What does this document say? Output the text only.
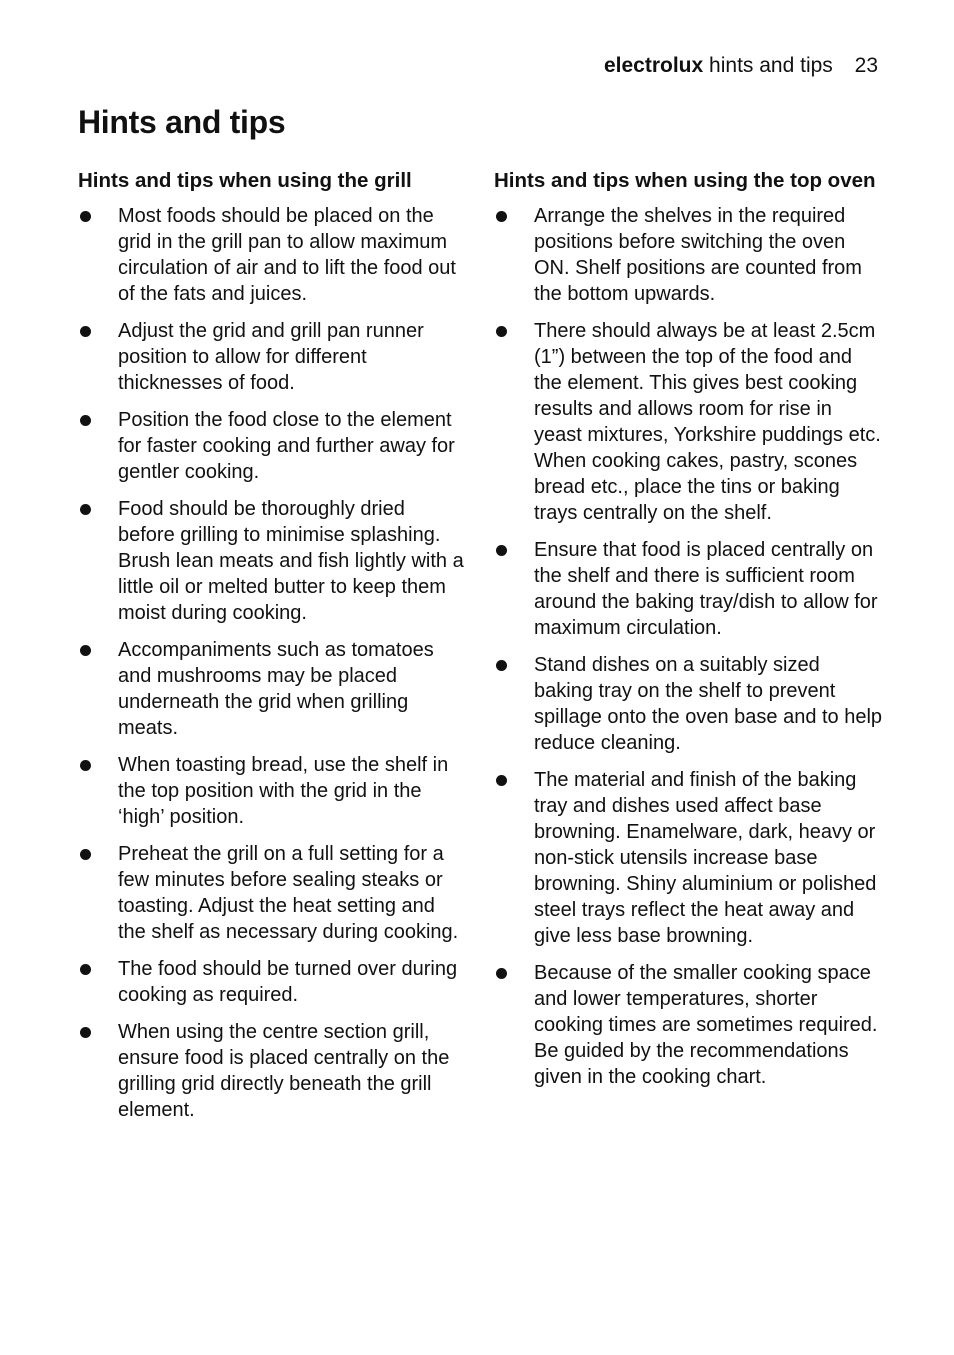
electrolux hints and tips 23
Hints and tips
Hints and tips when using the grill
Most foods should be placed on the grid in the grill pan to allow maximum circulation of air and to lift the food out of the fats and juices.
Adjust the grid and grill pan runner position to allow for different thicknesses of food.
Position the food close to the element for faster cooking and further away for gentler cooking.
Food should be thoroughly dried before grilling to minimise splashing. Brush lean meats and fish lightly with a little oil or melted butter to keep them moist during cooking.
Accompaniments such as tomatoes and mushrooms may be placed underneath the grid when grilling meats.
When toasting bread, use the shelf in the top position with the grid in the ‘high’ position.
Preheat the grill on a full setting for a few minutes before sealing steaks or toasting. Adjust the heat setting and the shelf as necessary during cooking.
The food should be turned over during cooking as required.
When using the centre section grill, ensure food is placed centrally on the grilling grid directly beneath the grill element.
Hints and tips when using the top oven
Arrange the shelves in the required positions before switching the oven ON. Shelf positions are counted from the bottom upwards.
There should always be at least 2.5cm (1”) between the top of the food and the element. This gives best cooking results and allows room for rise in yeast mixtures, Yorkshire puddings etc. When cooking cakes, pastry, scones bread etc., place the tins or baking trays centrally on the shelf.
Ensure that food is placed centrally on the shelf and there is sufficient room around the baking tray/dish to allow for maximum circulation.
Stand dishes on a suitably sized baking tray on the shelf to prevent spillage onto the oven base and to help reduce cleaning.
The material and finish of the baking tray and dishes used affect base browning. Enamelware, dark, heavy or non-stick utensils increase base browning. Shiny aluminium or polished steel trays reflect the heat away and give less base browning.
Because of the smaller cooking space and lower temperatures, shorter cooking times are sometimes required. Be guided by the recommendations given in the cooking chart.
